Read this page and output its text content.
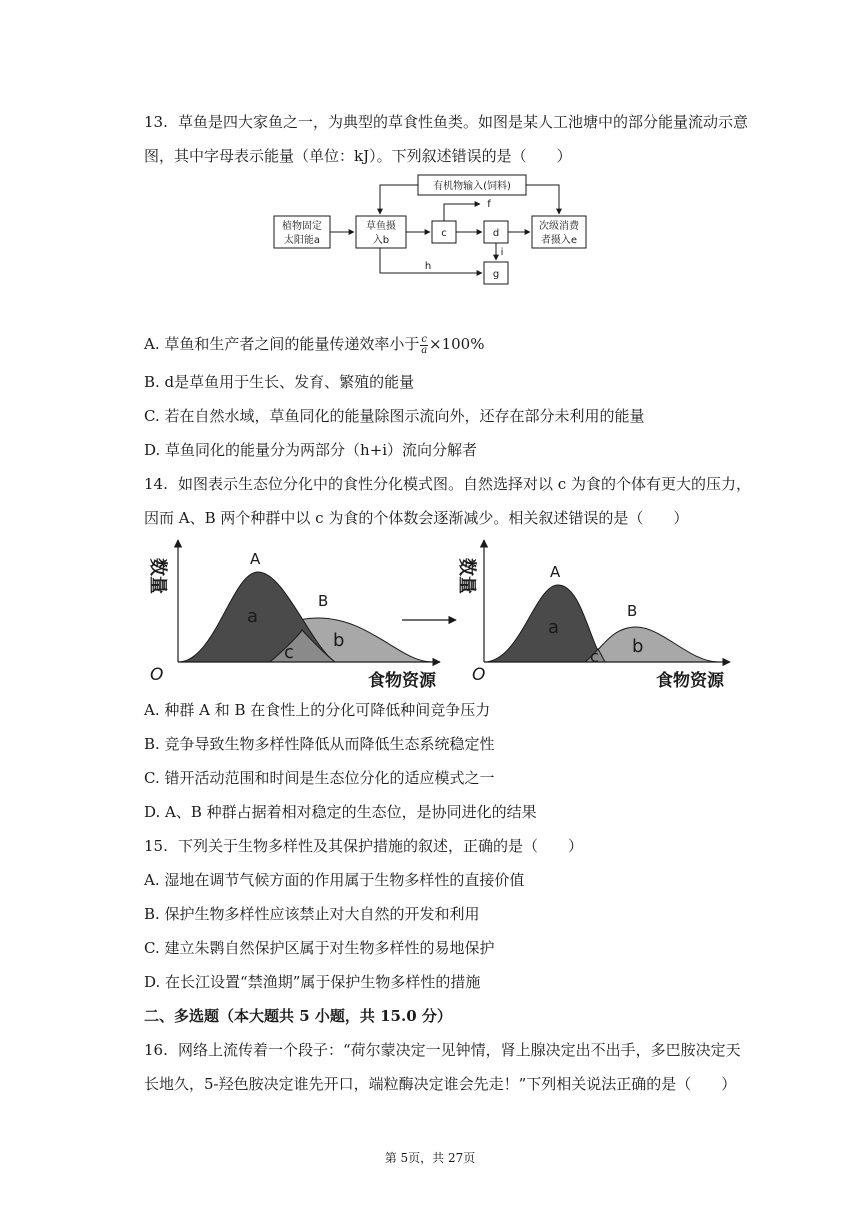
13. 草鱼是四大家鱼之一，为典型的草食性鱼类。如图是某人工池塘中的部分能量流动示意
图，其中字母表示能量（单位：kJ）。下列叙述错误的是（　　）
植物固定
太阳能a
草鱼摄
入b
有机物输入(饲料)
c	d
f
g
h
i
次级消费
者摄入e
A. 草鱼和生产者之间的能量传递效率小于 $\frac{c}{a} \times 100\%$
B. d是草鱼用于生长、发育、繁殖的能量
C. 若在自然水域，草鱼同化的能量除图示流向外，还存在部分未利用的能量
D. 草鱼同化的能量分为两部分（h+i）流向分解者
14. 如图表示生态位分化中的食性分化模式图。自然选择对以 c 为食的个体有更大的压力，
因而 A、B 两个种群中以 c 为食的个体数会逐渐减少。相关叙述错误的是（　　）
数量
O	食物资源
A
B
a
b
c
数量
O	食物资源
A
B
a
b
c
A. 种群 A 和 B 在食性上的分化可降低种间竞争压力
B. 竞争导致生物多样性降低从而降低生态系统稳定性
C. 错开活动范围和时间是生态位分化的适应模式之一
D. A、B 种群占据着相对稳定的生态位，是协同进化的结果
15. 下列关于生物多样性及其保护措施的叙述，正确的是（　　）
A. 湿地在调节气候方面的作用属于生物多样性的直接价值
B. 保护生物多样性应该禁止对大自然的开发和利用
C. 建立朱鹮自然保护区属于对生物多样性的易地保护
D. 在长江设置“禁渔期”属于保护生物多样性的措施
二、多选题（本大题共 5 小题，共 15.0 分）
16. 网络上流传着一个段子：“荷尔蒙决定一见钟情，肾上腺决定出不出手，多巴胺决定天
长地久，5-羟色胺决定谁先开口，端粒酶决定谁会先走！”下列相关说法正确的是（　　）
第 5页，共 27页
